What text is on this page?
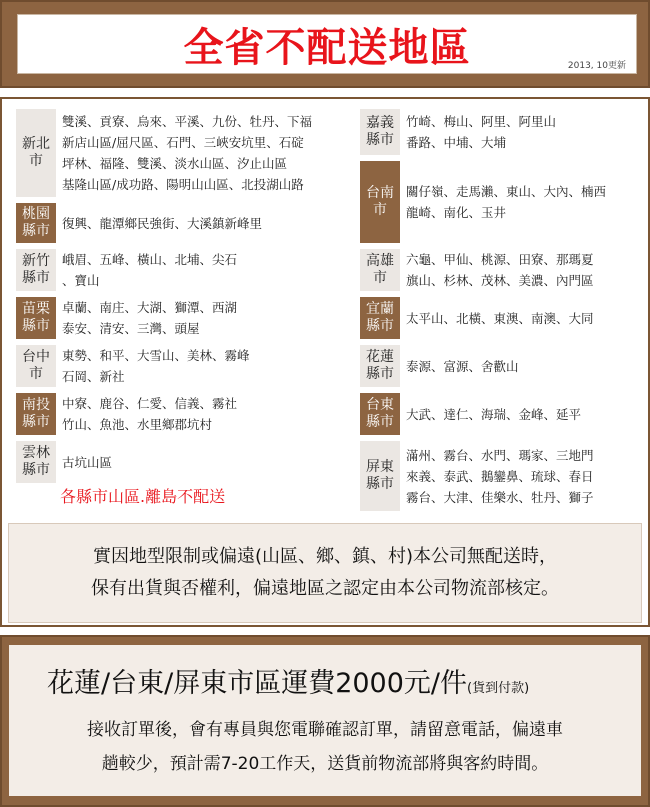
全省不配送地區	2013, 10更新
新北
市
雙溪、貢寮、烏來、平溪、九份、牡丹、下福
新店山區/屈尺區、石門、三峽安坑里、石碇
坪林、福隆、雙溪、淡水山區、汐止山區
基隆山區/成功路、陽明山山區、北投湖山路
桃園
縣市 復興、龍潭鄉民強街、大溪鎮新峰里
新竹
縣市
峨眉、五峰、橫山、北埔、尖石
、寶山
苗栗
縣市
卓蘭、南庄、大湖、獅潭、西湖
泰安、清安、三灣、頭屋
台中
市
東勢、和平、大雪山、美林、霧峰
石岡、新社
南投
縣市
中寮、鹿谷、仁愛、信義、霧社
竹山、魚池、水里鄉郡坑村
雲林
縣市 古坑山區
嘉義
縣市
竹崎、梅山、阿里、阿里山
番路、中埔、大埔
台南
市
關仔嶺、走馬瀨、東山、大內、楠西
龍崎、南化、玉井
高雄
市
六龜、甲仙、桃源、田寮、那瑪夏
旗山、杉林、茂林、美濃、內門區
宜蘭
縣市 太平山、北橫、東澳、南澳、大同
花蓮
縣市 泰源、富源、舍歡山
台東
縣市 大武、達仁、海瑞、金峰、延平
屏東
縣市
滿州、霧台、水門、瑪家、三地門
來義、泰武、鵝鑾鼻、琉球、春日
霧台、大津、佳樂水、牡丹、獅子
各縣市山區.離島不配送
實因地型限制或偏遠(山區、鄉、鎮、村)本公司無配送時，
保有出貨與否權利，偏遠地區之認定由本公司物流部核定。
花蓮/台東/屏東市區運費2000元/件(貨到付款)
接收訂單後，會有專員與您電聯確認訂單，請留意電話，偏遠車
趟較少，預計需7-20工作天，送貨前物流部將與客約時間。
